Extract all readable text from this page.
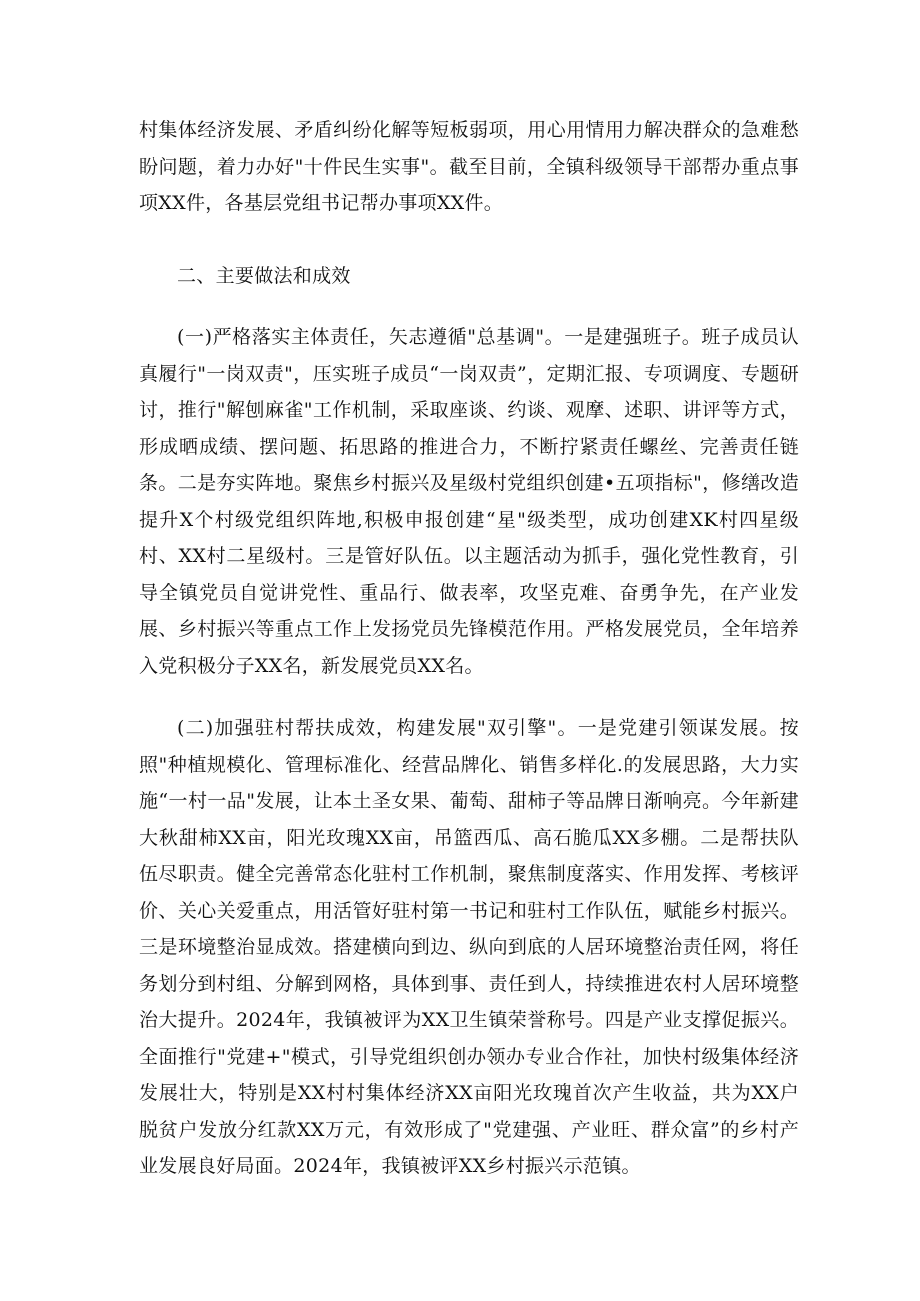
村集体经济发展、矛盾纠纷化解等短板弱项，用心用情用力解决群众的急难愁盼问题，着力办好"十件民生实事"。截至目前，全镇科级领导干部帮办重点事项XX件，各基层党组书记帮办事项XX件。

二、主要做法和成效

(一)严格落实主体责任，矢志遵循"总基调"。一是建强班子。班子成员认真履行"一岗双责"，压实班子成员“一岗双责”，定期汇报、专项调度、专题研讨，推行"解刨麻雀"工作机制，采取座谈、约谈、观摩、述职、讲评等方式，形成晒成绩、摆问题、拓思路的推进合力，不断拧紧责任螺丝、完善责任链条。二是夯实阵地。聚焦乡村振兴及星级村党组织创建•五项指标"，修缮改造提升X个村级党组织阵地,积极申报创建“星"级类型，成功创建XK村四星级村、XX村二星级村。三是管好队伍。以主题活动为抓手，强化党性教育，引导全镇党员自觉讲党性、重品行、做表率，攻坚克难、奋勇争先，在产业发展、乡村振兴等重点工作上发扬党员先锋模范作用。严格发展党员，全年培养入党积极分子XX名，新发展党员XX名。

(二)加强驻村帮扶成效，构建发展"双引擎"。一是党建引领谋发展。按照"种植规模化、管理标准化、经营品牌化、销售多样化.的发展思路，大力实施“一村一品"发展，让本土圣女果、葡萄、甜柿子等品牌日渐响亮。今年新建大秋甜柿XX亩，阳光玫瑰XX亩，吊篮西瓜、高石脆瓜XX多棚。二是帮扶队伍尽职责。健全完善常态化驻村工作机制，聚焦制度落实、作用发挥、考核评价、关心关爱重点，用活管好驻村第一书记和驻村工作队伍，赋能乡村振兴。三是环境整治显成效。搭建横向到边、纵向到底的人居环境整治责任网，将任务划分到村组、分解到网格，具体到事、责任到人，持续推进农村人居环境整治大提升。2024年，我镇被评为XX卫生镇荣誉称号。四是产业支撑促振兴。全面推行"党建+"模式，引导党组织创办领办专业合作社，加快村级集体经济发展壮大，特别是XX村村集体经济XX亩阳光玫瑰首次产生收益，共为XX户脱贫户发放分红款XX万元，有效形成了"党建强、产业旺、群众富”的乡村产业发展良好局面。2024年，我镇被评XX乡村振兴示范镇。
